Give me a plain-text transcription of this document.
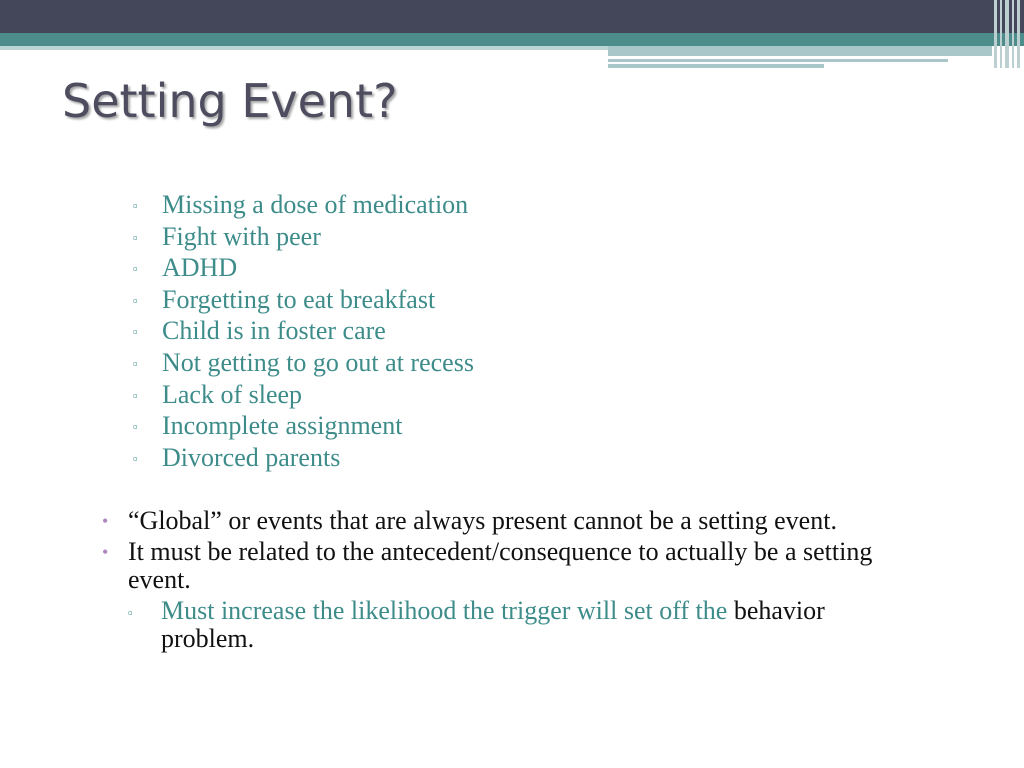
Setting Event?
▫ Missing a dose of medication
▫ Fight with peer
▫ ADHD
▫ Forgetting to eat breakfast
▫ Child is in foster care
▫ Not getting to go out at recess
▫ Lack of sleep
▫ Incomplete assignment
▫ Divorced parents
• “Global” or events that are always present cannot be a setting event.
• It must be related to the antecedent/consequence to actually be a setting event.
▫ Must increase the likelihood the trigger will set off the behavior problem.
